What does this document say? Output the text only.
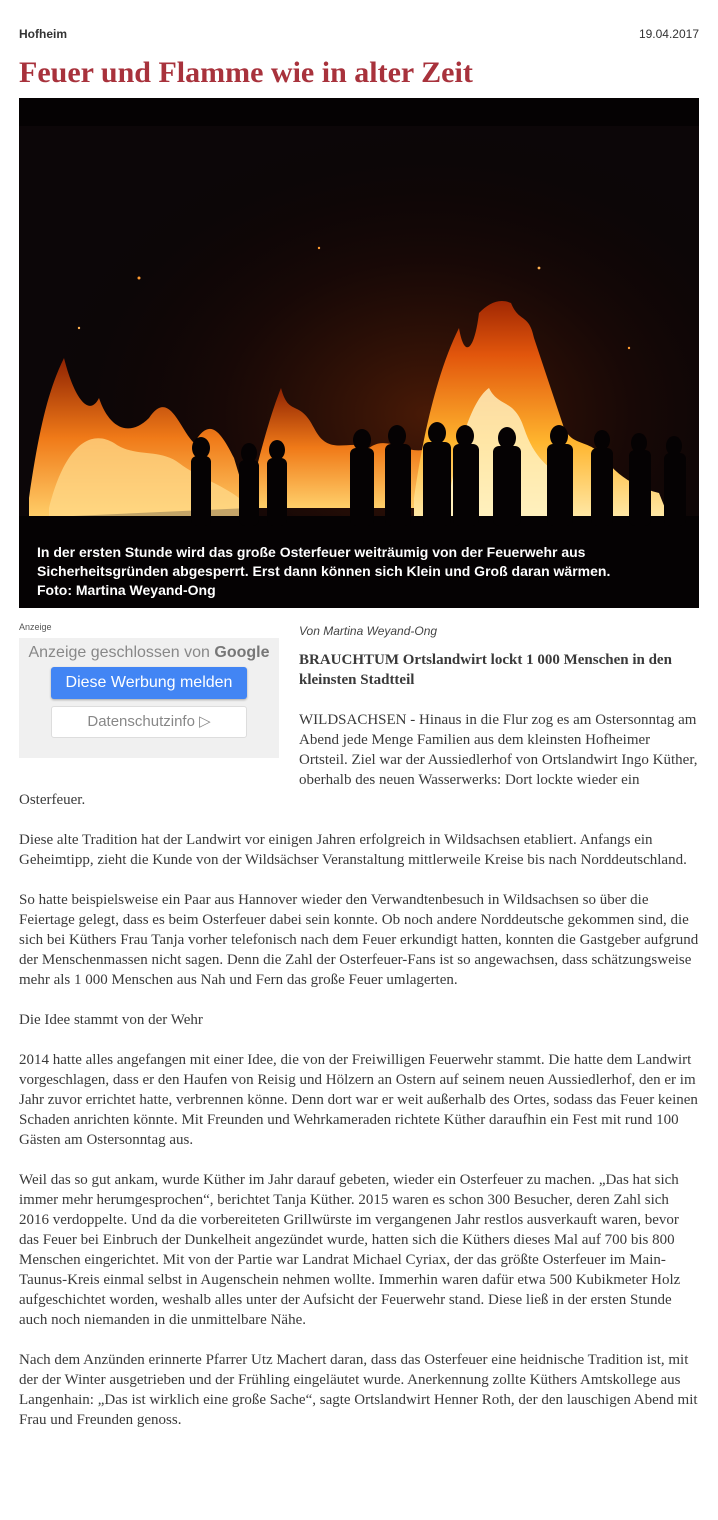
Hofheim	19.04.2017
Feuer und Flamme wie in alter Zeit
In der ersten Stunde wird das große Osterfeuer weiträumig von der Feuerwehr aus
Sicherheitsgründen abgesperrt. Erst dann können sich Klein und Groß daran wärmen.
Foto: Martina Weyand-Ong
Anzeige
Anzeige geschlossen von Google
Diese Werbung melden
Datenschutzinfo ▷
Von Martina Weyand-Ong

BRAUCHTUM Ortslandwirt lockt 1 000 Menschen in den kleinsten Stadtteil

WILDSACHSEN - Hinaus in die Flur zog es am Ostersonntag am Abend jede Menge Familien aus dem kleinsten Hofheimer Ortsteil. Ziel war der Aussiedlerhof von Ortslandwirt Ingo Küther, oberhalb des neuen Wasserwerks: Dort lockte wieder ein Osterfeuer.

Diese alte Tradition hat der Landwirt vor einigen Jahren erfolgreich in Wildsachsen etabliert. Anfangs ein Geheimtipp, zieht die Kunde von der Wildsächser Veranstaltung mittlerweile Kreise bis nach Norddeutschland.

So hatte beispielsweise ein Paar aus Hannover wieder den Verwandtenbesuch in Wildsachsen so über die Feiertage gelegt, dass es beim Osterfeuer dabei sein konnte. Ob noch andere Norddeutsche gekommen sind, die sich bei Küthers Frau Tanja vorher telefonisch nach dem Feuer erkundigt hatten, konnten die Gastgeber aufgrund der Menschenmassen nicht sagen. Denn die Zahl der Osterfeuer-Fans ist so angewachsen, dass schätzungsweise mehr als 1 000 Menschen aus Nah und Fern das große Feuer umlagerten.

Die Idee stammt von der Wehr

2014 hatte alles angefangen mit einer Idee, die von der Freiwilligen Feuerwehr stammt. Die hatte dem Landwirt vorgeschlagen, dass er den Haufen von Reisig und Hölzern an Ostern auf seinem neuen Aussiedlerhof, den er im Jahr zuvor errichtet hatte, verbrennen könne. Denn dort war er weit außerhalb des Ortes, sodass das Feuer keinen Schaden anrichten könnte. Mit Freunden und Wehrkameraden richtete Küther daraufhin ein Fest mit rund 100 Gästen am Ostersonntag aus.

Weil das so gut ankam, wurde Küther im Jahr darauf gebeten, wieder ein Osterfeuer zu machen. „Das hat sich immer mehr herumgesprochen“, berichtet Tanja Küther. 2015 waren es schon 300 Besucher, deren Zahl sich 2016 verdoppelte. Und da die vorbereiteten Grillwürste im vergangenen Jahr restlos ausverkauft waren, bevor das Feuer bei Einbruch der Dunkelheit angezündet wurde, hatten sich die Küthers dieses Mal auf 700 bis 800 Menschen eingerichtet. Mit von der Partie war Landrat Michael Cyriax, der das größte Osterfeuer im Main-Taunus-Kreis einmal selbst in Augenschein nehmen wollte. Immerhin waren dafür etwa 500 Kubikmeter Holz aufgeschichtet worden, weshalb alles unter der Aufsicht der Feuerwehr stand. Diese ließ in der ersten Stunde auch noch niemanden in die unmittelbare Nähe.

Nach dem Anzünden erinnerte Pfarrer Utz Machert daran, dass das Osterfeuer eine heidnische Tradition ist, mit der der Winter ausgetrieben und der Frühling eingeläutet wurde. Anerkennung zollte Küthers Amtskollege aus Langenhain: „Das ist wirklich eine große Sache“, sagte Ortslandwirt Henner Roth, der den lauschigen Abend mit Frau und Freunden genoss.
